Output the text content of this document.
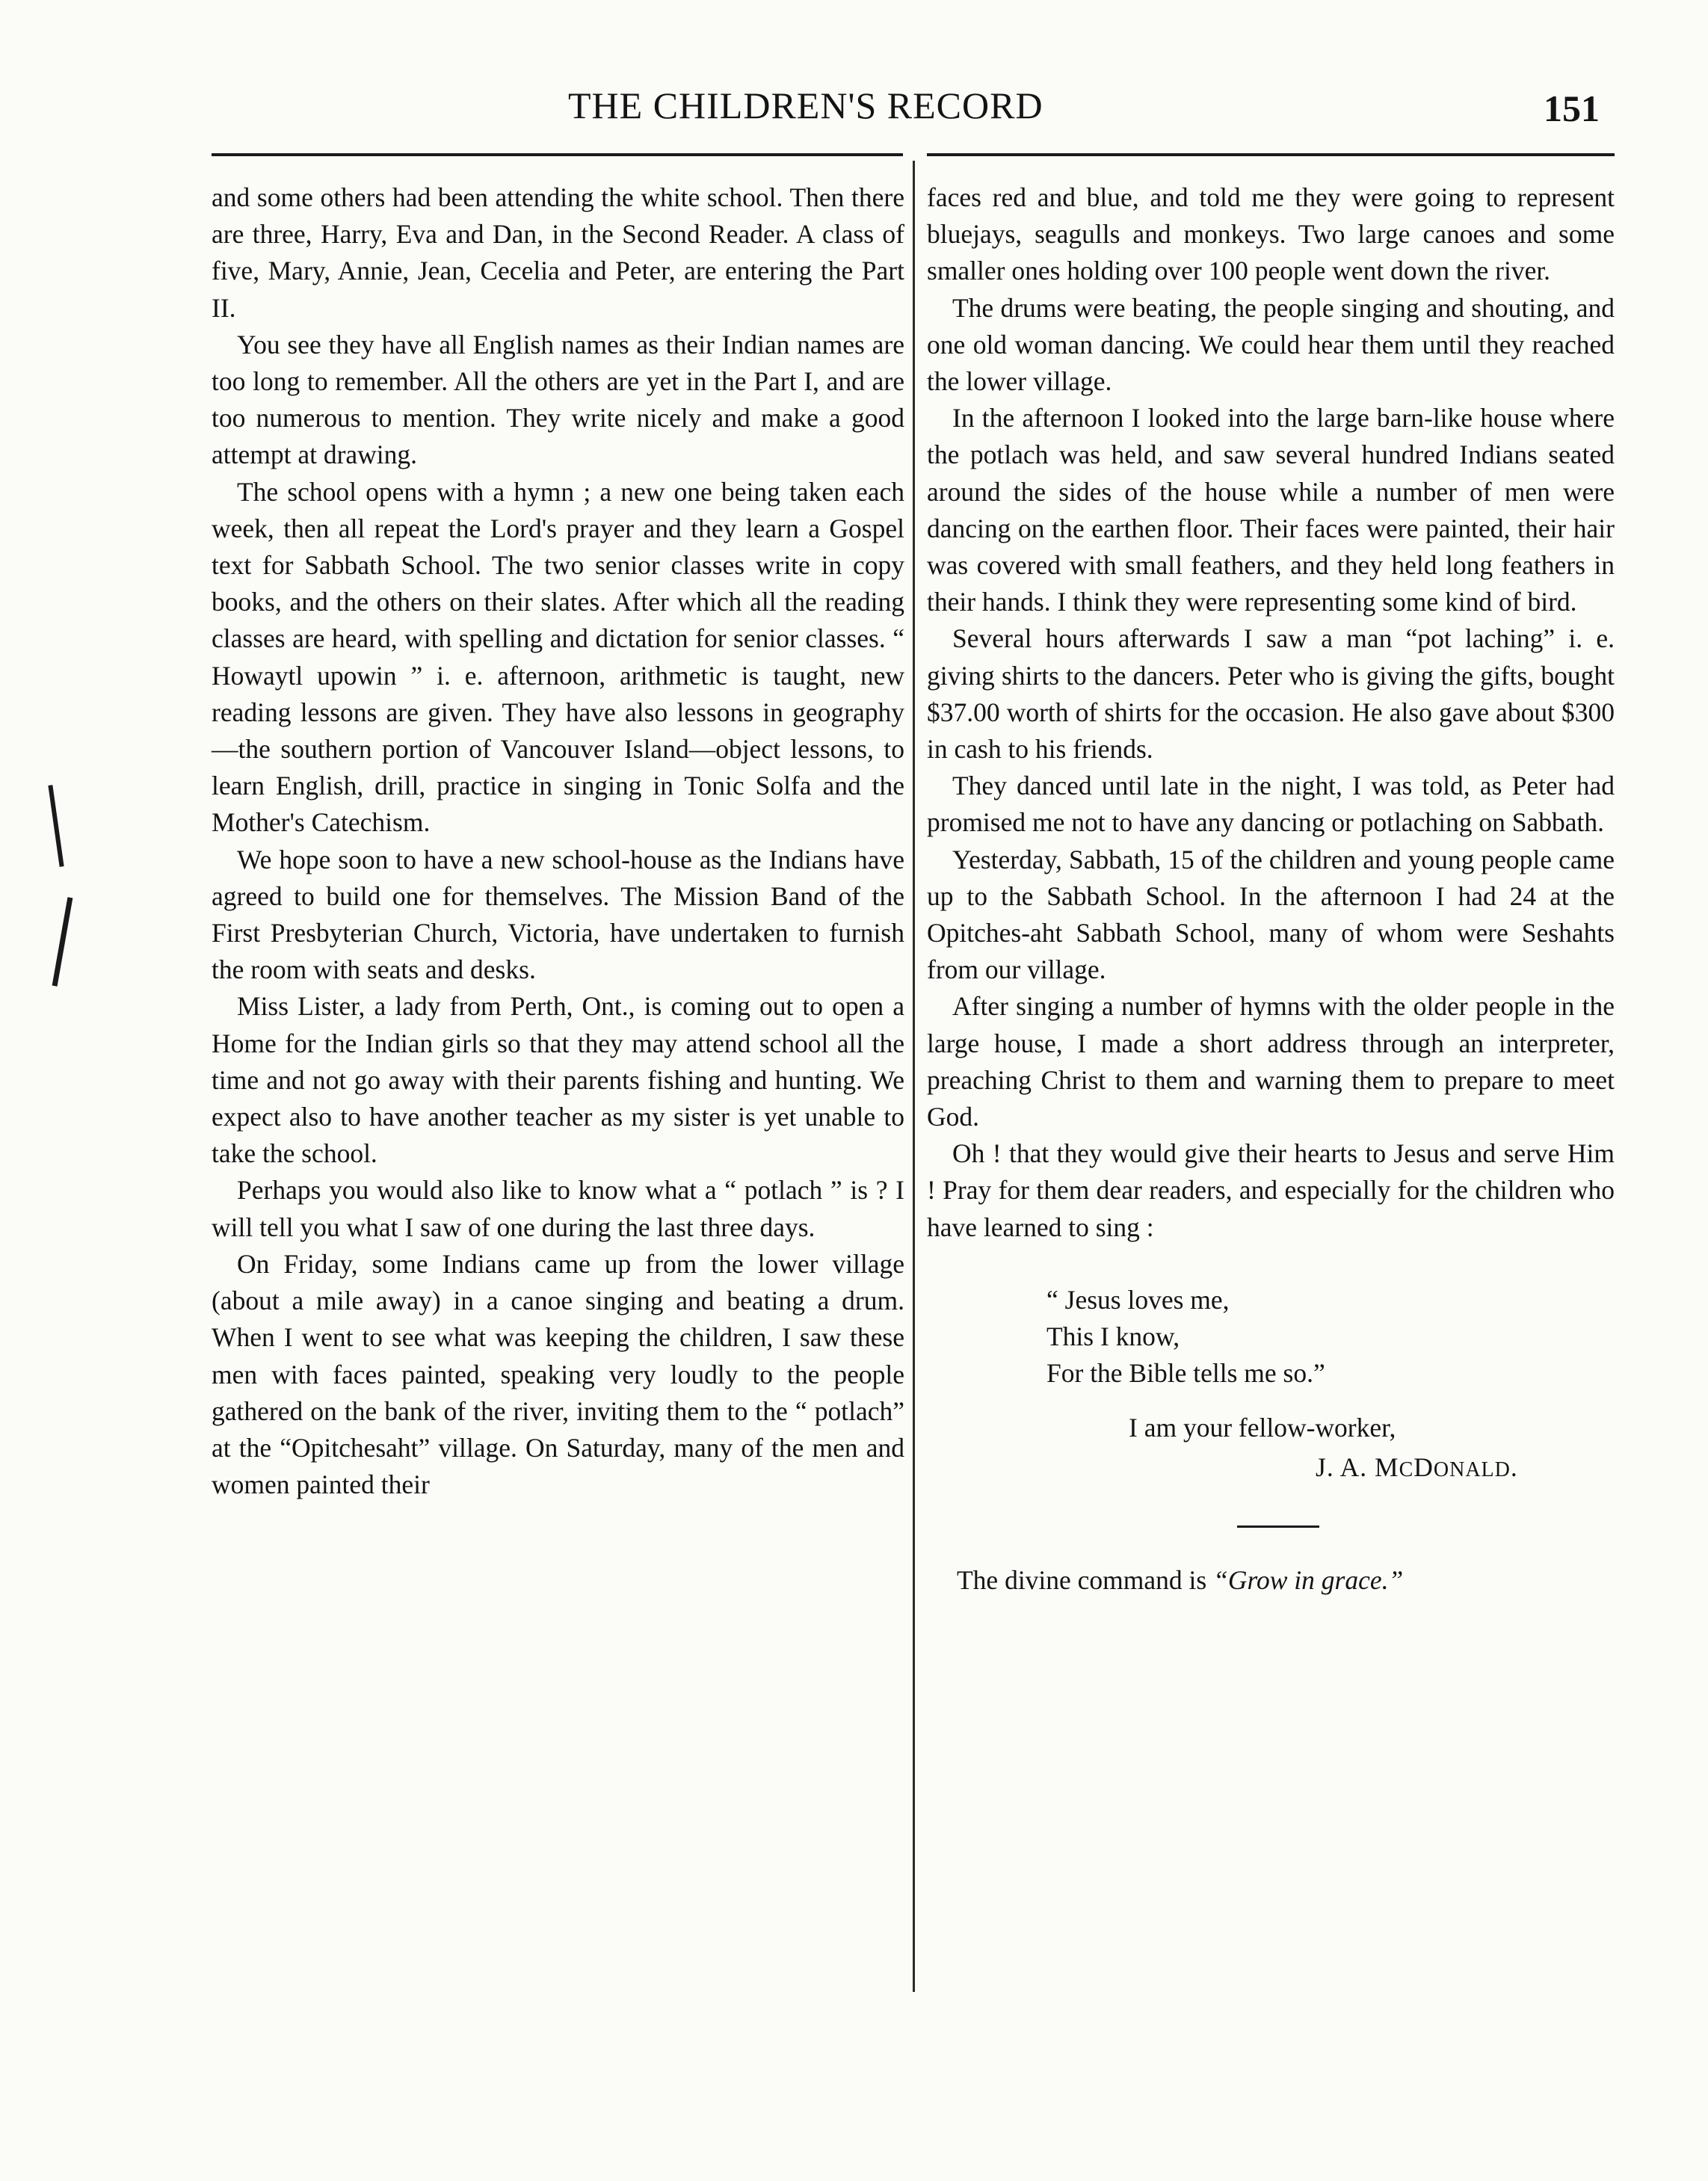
THE CHILDREN'S RECORD	151

and some others had been attending the white school. Then there are three, Harry, Eva and Dan, in the Second Reader. A class of five, Mary, Annie, Jean, Cecelia and Peter, are entering the Part II.

You see they have all English names as their Indian names are too long to remember. All the others are yet in the Part I, and are too numerous to mention. They write nicely and make a good attempt at drawing.

The school opens with a hymn ; a new one being taken each week, then all repeat the Lord's prayer and they learn a Gospel text for Sabbath School. The two senior classes write in copy books, and the others on their slates. After which all the reading classes are heard, with spelling and dictation for senior classes. “ Howaytl upowin ” i. e. afternoon, arithmetic is taught, new reading lessons are given. They have also lessons in geography —the southern portion of Vancouver Island—object lessons, to learn English, drill, practice in singing in Tonic Solfa and the Mother's Catechism.

We hope soon to have a new school-house as the Indians have agreed to build one for themselves. The Mission Band of the First Presbyterian Church, Victoria, have undertaken to furnish the room with seats and desks.

Miss Lister, a lady from Perth, Ont., is coming out to open a Home for the Indian girls so that they may attend school all the time and not go away with their parents fishing and hunting. We expect also to have another teacher as my sister is yet unable to take the school.

Perhaps you would also like to know what a “ potlach ” is ? I will tell you what I saw of one during the last three days.

On Friday, some Indians came up from the lower village (about a mile away) in a canoe singing and beating a drum. When I went to see what was keeping the children, I saw these men with faces painted, speaking very loudly to the people gathered on the bank of the river, inviting them to the “ potlach” at the “Opitchesaht” village. On Saturday, many of the men and women painted their

faces red and blue, and told me they were going to represent bluejays, seagulls and monkeys. Two large canoes and some smaller ones holding over 100 people went down the river.

The drums were beating, the people singing and shouting, and one old woman dancing. We could hear them until they reached the lower village.

In the afternoon I looked into the large barn-like house where the potlach was held, and saw several hundred Indians seated around the sides of the house while a number of men were dancing on the earthen floor. Their faces were painted, their hair was covered with small feathers, and they held long feathers in their hands. I think they were representing some kind of bird.

Several hours afterwards I saw a man “pot laching” i. e. giving shirts to the dancers. Peter who is giving the gifts, bought $37.00 worth of shirts for the occasion. He also gave about $300 in cash to his friends.

They danced until late in the night, I was told, as Peter had promised me not to have any dancing or potlaching on Sabbath.

Yesterday, Sabbath, 15 of the children and young people came up to the Sabbath School. In the afternoon I had 24 at the Opitches-aht Sabbath School, many of whom were Seshahts from our village.

After singing a number of hymns with the older people in the large house, I made a short address through an interpreter, preaching Christ to them and warning them to prepare to meet God.

Oh ! that they would give their hearts to Jesus and serve Him ! Pray for them dear readers, and especially for the children who have learned to sing :

“ Jesus loves me,
This I know,
For the Bible tells me so.”
I am your fellow-worker,
J. A. MCDONALD.
The divine command is “Grow in grace.”
